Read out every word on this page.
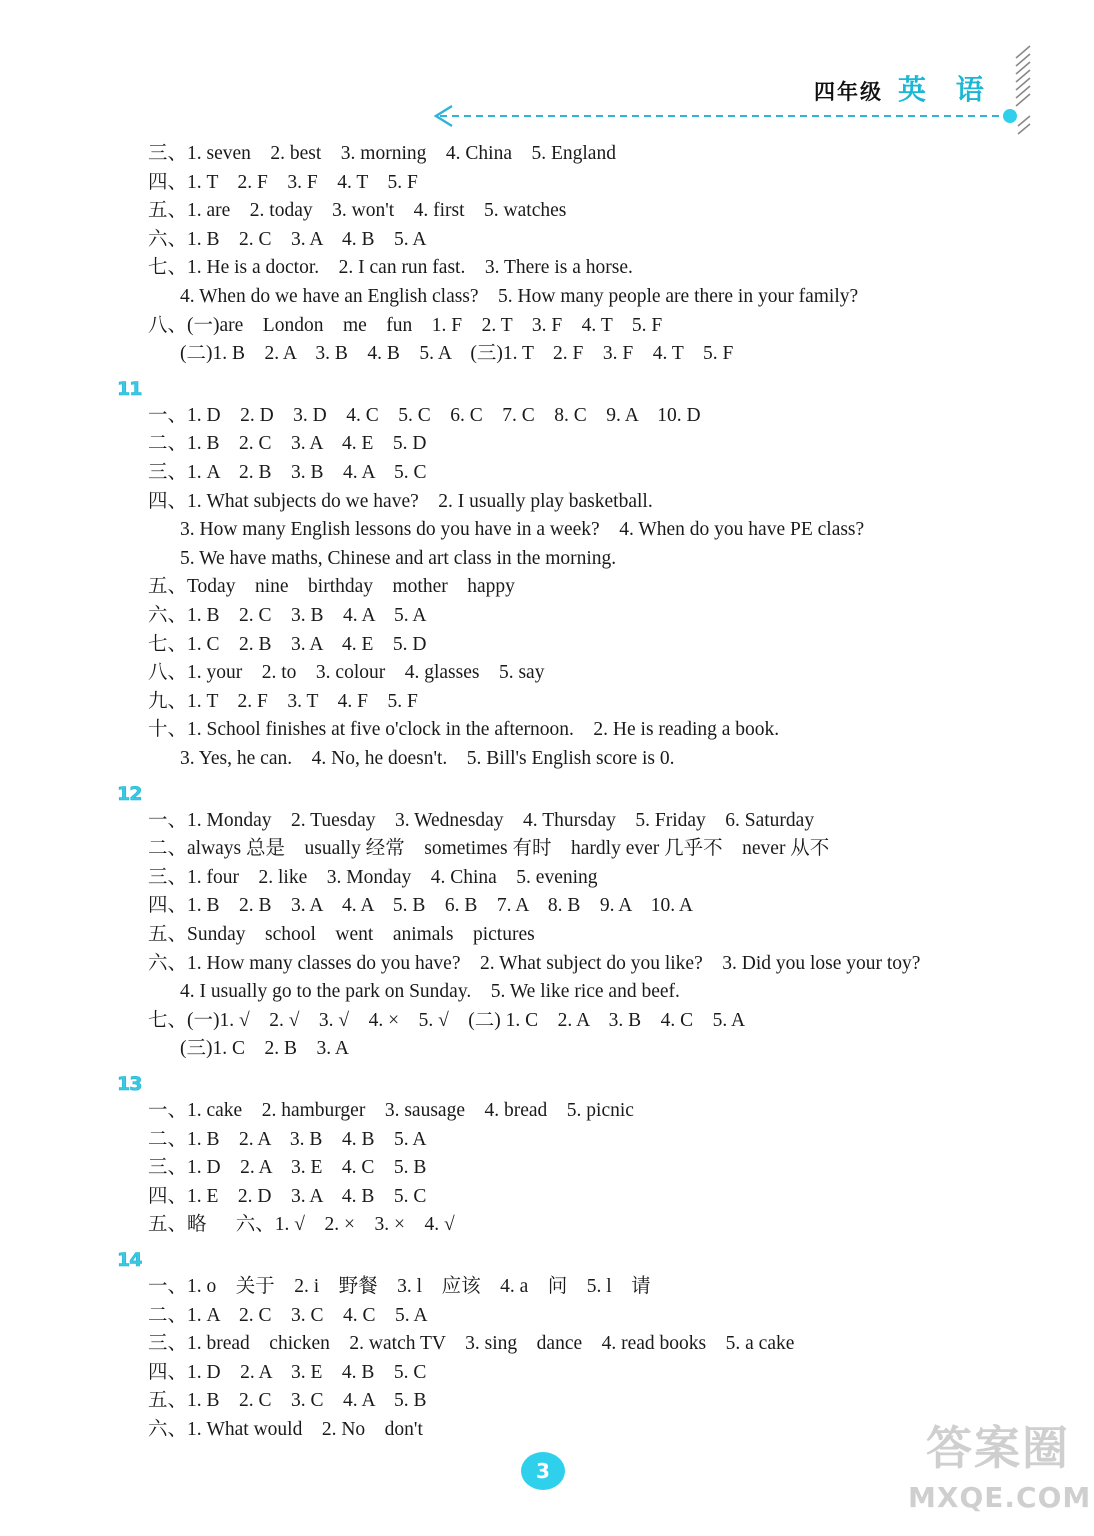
四年级 英 语
三、1. seven    2. best    3. morning    4. China    5. England
四、1. T    2. F    3. F    4. T    5. F
五、1. are    2. today    3. won't    4. first    5. watches
六、1. B    2. C    3. A    4. B    5. A
七、1. He is a doctor.    2. I can run fast.    3. There is a horse.
4. When do we have an English class?    5. How many people are there in your family?
八、(一)are    London    me    fun    1. F    2. T    3. F    4. T    5. F
(二)1. B    2. A    3. B    4. B    5. A    (三)1. T    2. F    3. F    4. T    5. F
11
一、1. D    2. D    3. D    4. C    5. C    6. C    7. C    8. C    9. A    10. D
二、1. B    2. C    3. A    4. E    5. D
三、1. A    2. B    3. B    4. A    5. C
四、1. What subjects do we have?    2. I usually play basketball.
3. How many English lessons do you have in a week?    4. When do you have PE class?
5. We have maths, Chinese and art class in the morning.
五、Today    nine    birthday    mother    happy
六、1. B    2. C    3. B    4. A    5. A
七、1. C    2. B    3. A    4. E    5. D
八、1. your    2. to    3. colour    4. glasses    5. say
九、1. T    2. F    3. T    4. F    5. F
十、1. School finishes at five o'clock in the afternoon.    2. He is reading a book.
3. Yes, he can.    4. No, he doesn't.    5. Bill's English score is 0.
12
一、1. Monday    2. Tuesday    3. Wednesday    4. Thursday    5. Friday    6. Saturday
二、always 总是    usually 经常    sometimes 有时    hardly ever 几乎不    never 从不
三、1. four    2. like    3. Monday    4. China    5. evening
四、1. B    2. B    3. A    4. A    5. B    6. B    7. A    8. B    9. A    10. A
五、Sunday    school    went    animals    pictures
六、1. How many classes do you have?    2. What subject do you like?    3. Did you lose your toy?
4. I usually go to the park on Sunday.    5. We like rice and beef.
七、(一)1. √    2. √    3. √    4. ×    5. √    (二) 1. C    2. A    3. B    4. C    5. A
(三)1. C    2. B    3. A
13
一、1. cake    2. hamburger    3. sausage    4. bread    5. picnic
二、1. B    2. A    3. B    4. B    5. A
三、1. D    2. A    3. E    4. C    5. B
四、1. E    2. D    3. A    4. B    5. C
五、略      六、1. √    2. ×    3. ×    4. √
14
一、1. o    关于    2. i    野餐    3. l    应该    4. a    问    5. l    请
二、1. A    2. C    3. C    4. C    5. A
三、1. bread    chicken    2. watch TV    3. sing    dance    4. read books    5. a cake
四、1. D    2. A    3. E    4. B    5. C
五、1. B    2. C    3. C    4. A    5. B
六、1. What would    2. No    don't
3	答案圈
MXQE.COM
